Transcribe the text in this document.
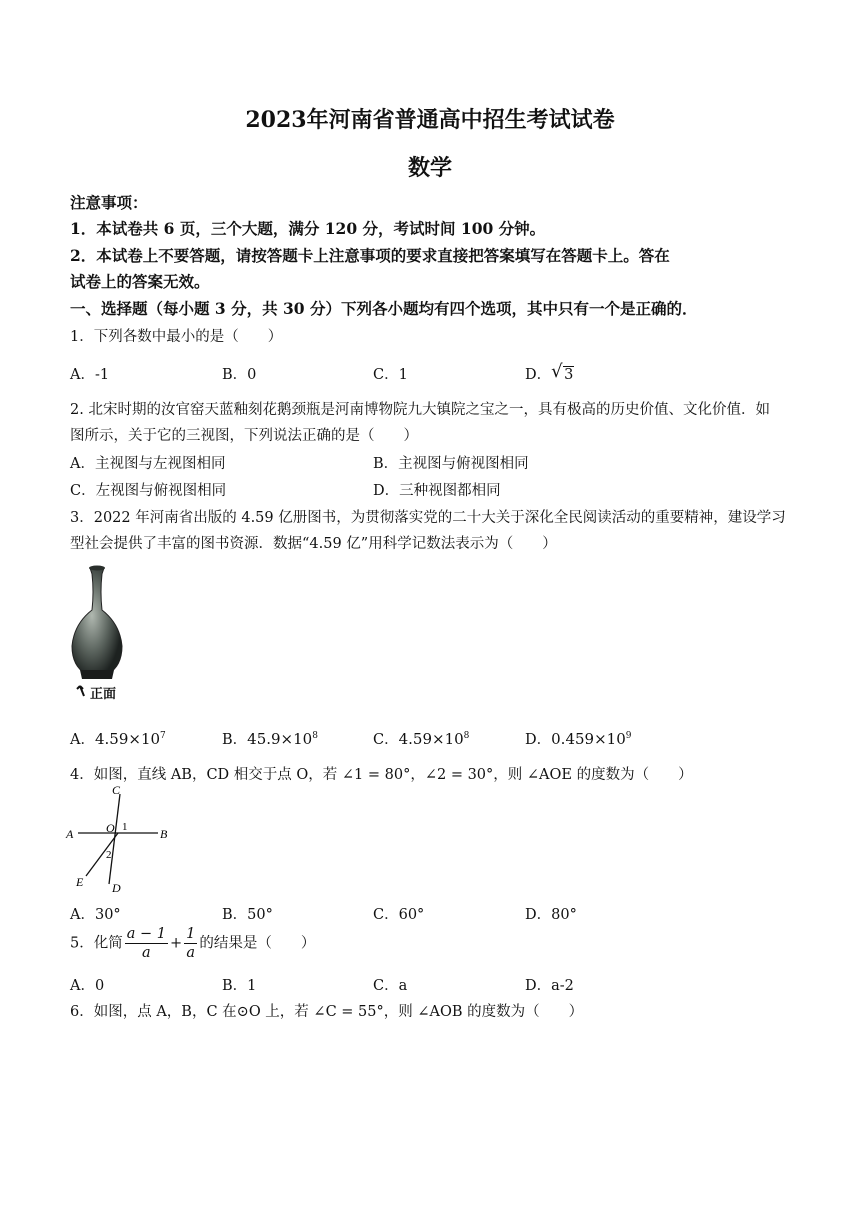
2023年河南省普通高中招生考试试卷
数学
注意事项：
1．本试卷共 6 页，三个大题，满分 120 分，考试时间 100 分钟。
2．本试卷上不要答题，请按答题卡上注意事项的要求直接把答案填写在答题卡上。答在
试卷上的答案无效。
一、选择题（每小题 3 分，共 30 分）下列各小题均有四个选项，其中只有一个是正确的．
1．下列各数中最小的是（　　）
A．-1	B．0	C．1	D． √ 3
2. 北宋时期的汝官窑天蓝釉刻花鹅颈瓶是河南博物院九大镇院之宝之一，具有极高的历史价值、文化价值．如
图所示，关于它的三视图，下列说法正确的是（　　）
A．主视图与左视图相同	B．主视图与俯视图相同
C．左视图与俯视图相同	D．三种视图都相同
3．2022 年河南省出版的 4.59 亿册图书，为贯彻落实党的二十大关于深化全民阅读活动的重要精神，建设学习
型社会提供了丰富的图书资源．数据“4.59 亿”用科学记数法表示为（　　）
正面
A．$4.59\times 10^7$	B．$45.9\times 10^8$	C．$4.59\times 10^8$	D．$0.459\times 10^9$
4．如图，直线 AB，CD 相交于点 O，若 ∠1 = 80°，∠2 = 30°，则 ∠AOE 的度数为（　　）
A	B
C
D
E
O 1
2
A．30°	B．50°	C．60°	D．80°
5．化简 $\frac{a - 1}{a} + \frac{1}{a}$ 的结果是（　　）
A．0	B．1	C．a	D．a-2
6．如图，点 A，B，C 在⊙O 上，若 ∠C = 55°，则 ∠AOB 的度数为（　　）
